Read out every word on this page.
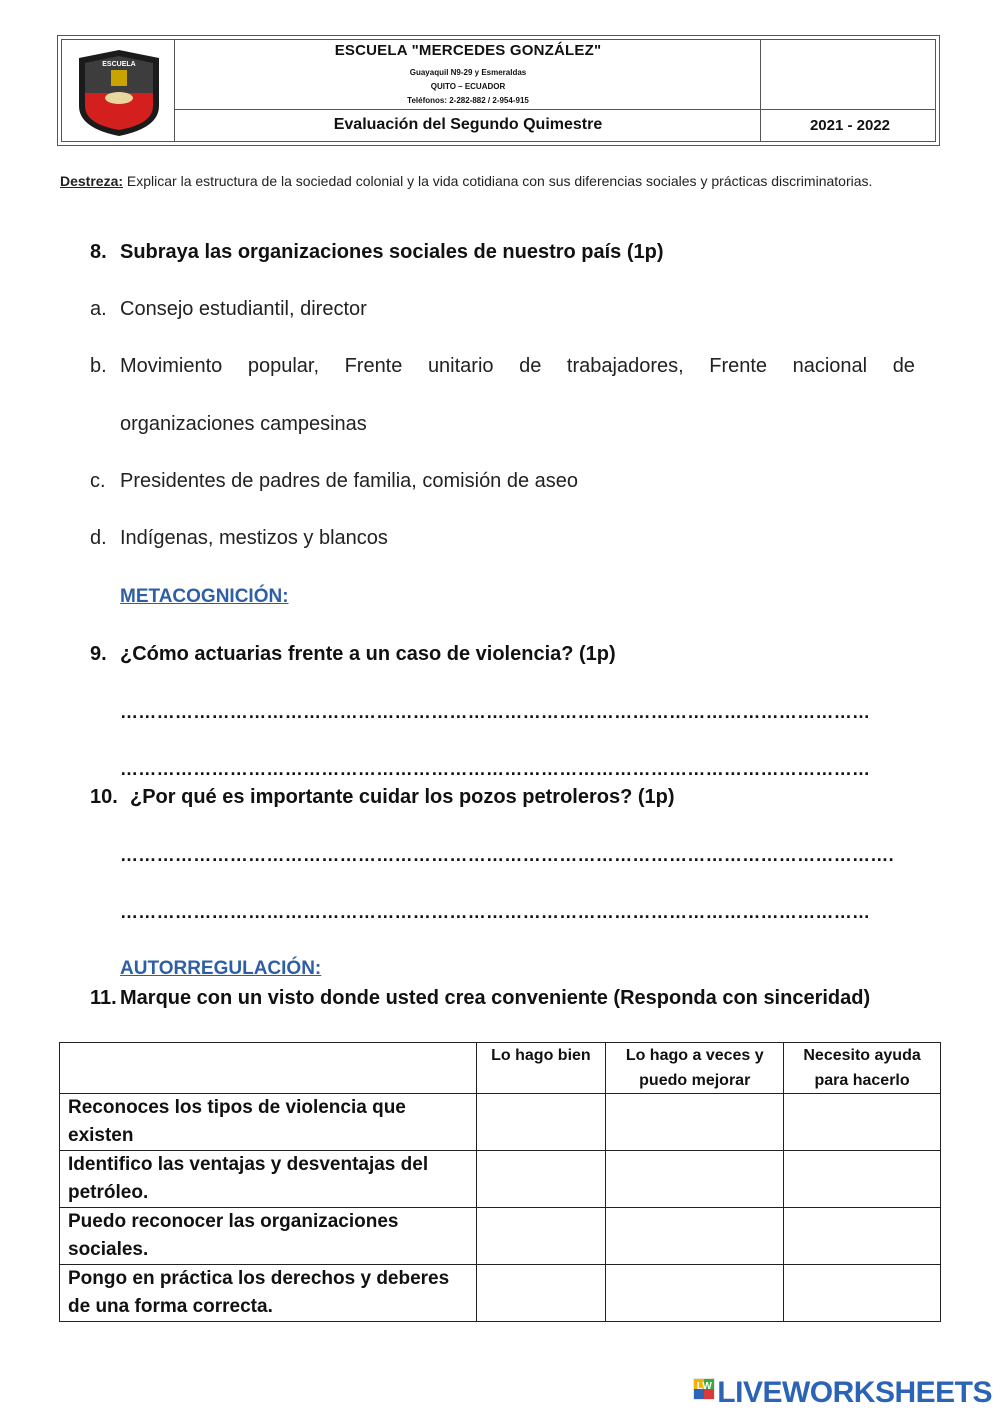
ESCUELA
ESCUELA "MERCEDES GONZÁLEZ"
Guayaquil N9-29 y Esmeraldas
QUITO – ECUADOR
Teléfonos: 2-282-882 / 2-954-915
Evaluación del Segundo Quimestre	2021 - 2022
Destreza: Explicar la estructura de la sociedad colonial y la vida cotidiana con sus diferencias sociales y prácticas discriminatorias.
8. Subraya las organizaciones sociales de nuestro país (1p)
a. Consejo estudiantil, director
b. Movimiento popular, Frente unitario de trabajadores, Frente nacional de
organizaciones campesinas
c. Presidentes de padres de familia, comisión de aseo
d. Indígenas, mestizos y blancos
METACOGNICIÓN:
9. ¿Cómo actuarias frente a un caso de violencia? (1p)
……………………………………………………………………………………………………………
……………………………………………………………………………………………………………
10. ¿Por qué es importante cuidar los pozos petroleros? (1p)
……………………………………………………………………………………………………………….
……………………………………………………………………………………………………………
AUTORREGULACIÓN:
11. Marque con un visto donde usted crea conveniente (Responda con sinceridad)
	Lo hago bien	Lo hago a veces y puedo mejorar	Necesito ayuda para hacerlo
Reconoces los tipos de violencia que existen			
Identifico las ventajas y desventajas del petróleo.			
Puedo reconocer las organizaciones sociales.			
Pongo en práctica los derechos y deberes de una forma correcta.			
LW LIVEWORKSHEETS
